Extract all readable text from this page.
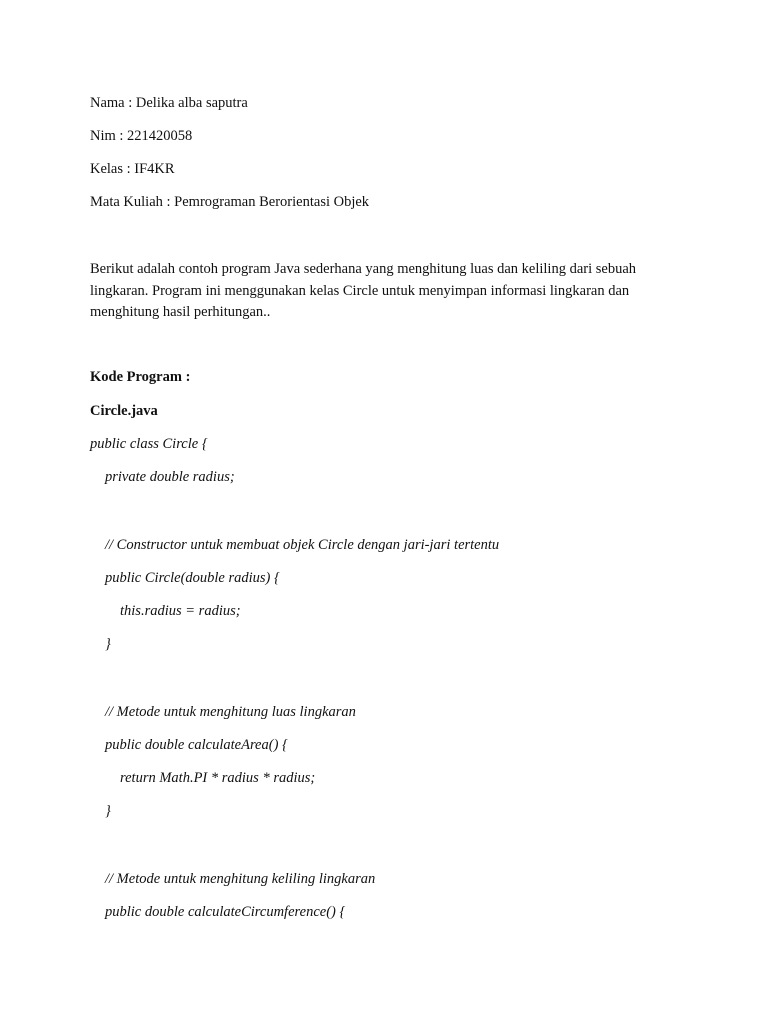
Nama : Delika alba saputra
Nim : 221420058
Kelas : IF4KR
Mata Kuliah : Pemrograman Berorientasi Objek
Berikut adalah contoh program Java sederhana yang menghitung luas dan keliling dari sebuah lingkaran. Program ini menggunakan kelas Circle untuk menyimpan informasi lingkaran dan menghitung hasil perhitungan..
Kode Program :
Circle.java
public class Circle {
private double radius;
// Constructor untuk membuat objek Circle dengan jari-jari tertentu
public Circle(double radius) {
this.radius = radius;
}
// Metode untuk menghitung luas lingkaran
public double calculateArea() {
return Math.PI * radius * radius;
}
// Metode untuk menghitung keliling lingkaran
public double calculateCircumference() {
